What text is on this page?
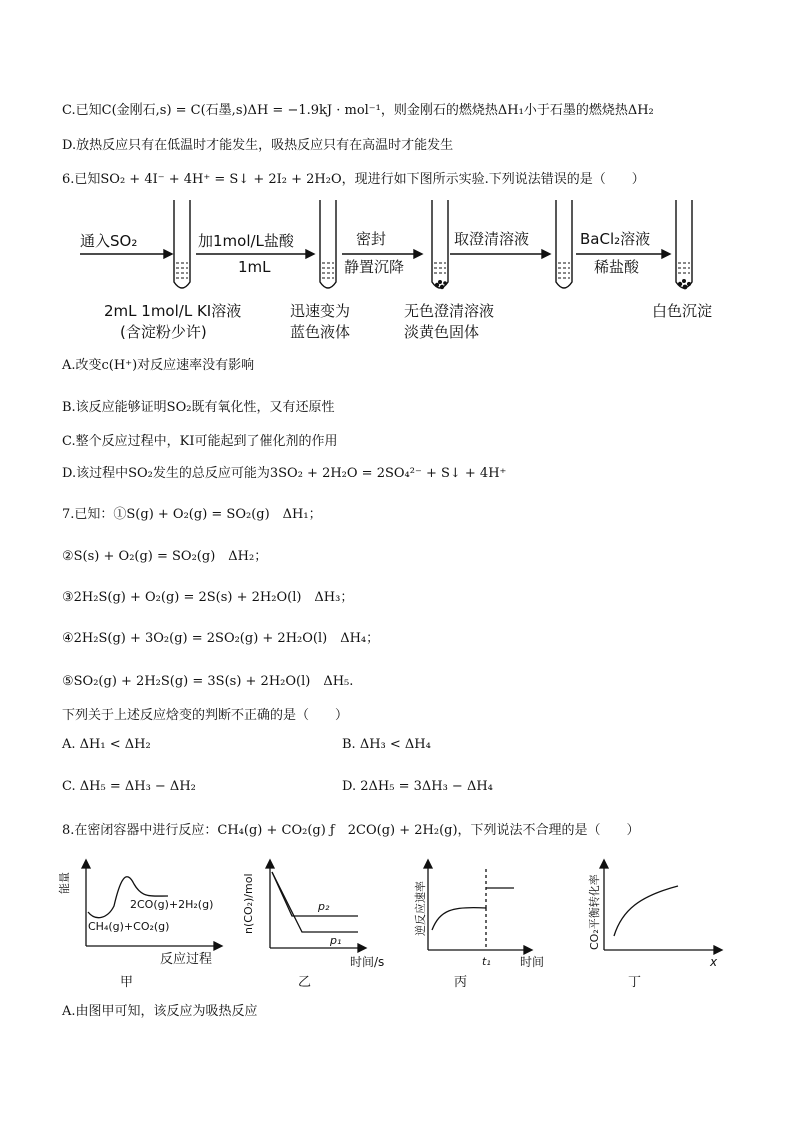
C.已知C(金刚石,s) = C(石墨,s)ΔH = −1.9kJ · mol⁻¹，则金刚石的燃烧热ΔH₁小于石墨的燃烧热ΔH₂
D.放热反应只有在低温时才能发生，吸热反应只有在高温时才能发生
6.已知SO₂ + 4I⁻ + 4H⁺ = S↓ + 2I₂ + 2H₂O，现进行如下图所示实验.下列说法错误的是（　　）
通入SO₂	加1mol/L盐酸
1mL
密封
静置沉降
取澄清溶液	BaCl₂溶液
稀盐酸
2mL 1mol/L KI溶液
(含淀粉少许)
迅速变为
蓝色液体
无色澄清溶液
淡黄色固体
白色沉淀
A.改变c(H⁺)对反应速率没有影响
B.该反应能够证明SO₂既有氧化性，又有还原性
C.整个反应过程中，KI可能起到了催化剂的作用
D.该过程中SO₂发生的总反应可能为3SO₂ + 2H₂O = 2SO₄²⁻ + S↓ + 4H⁺
7.已知：①S(g) + O₂(g) = SO₂(g)　ΔH₁；
②S(s) + O₂(g) = SO₂(g)　ΔH₂；
③2H₂S(g) + O₂(g) = 2S(s) + 2H₂O(l)　ΔH₃；
④2H₂S(g) + 3O₂(g) = 2SO₂(g) + 2H₂O(l)　ΔH₄；
⑤SO₂(g) + 2H₂S(g) = 3S(s) + 2H₂O(l)　ΔH₅.
下列关于上述反应焓变的判断不正确的是（　　）
A. ΔH₁ < ΔH₂	B. ΔH₃ < ΔH₄
C. ΔH₅ = ΔH₃ − ΔH₂	D. 2ΔH₅ = 3ΔH₃ − ΔH₄
8.在密闭容器中进行反应：CH₄(g) + CO₂(g) ƒ　2CO(g) + 2H₂(g)，下列说法不合理的是（　　）
能量
2CO(g)+2H₂(g)
CH₄(g)+CO₂(g)
反应过程
甲
n(CO₂)/mol	p₂
p₁
时间/s
乙
逆反应速率
t₁ 时间
丙
CO₂平衡转化率
x
丁
A.由图甲可知，该反应为吸热反应
